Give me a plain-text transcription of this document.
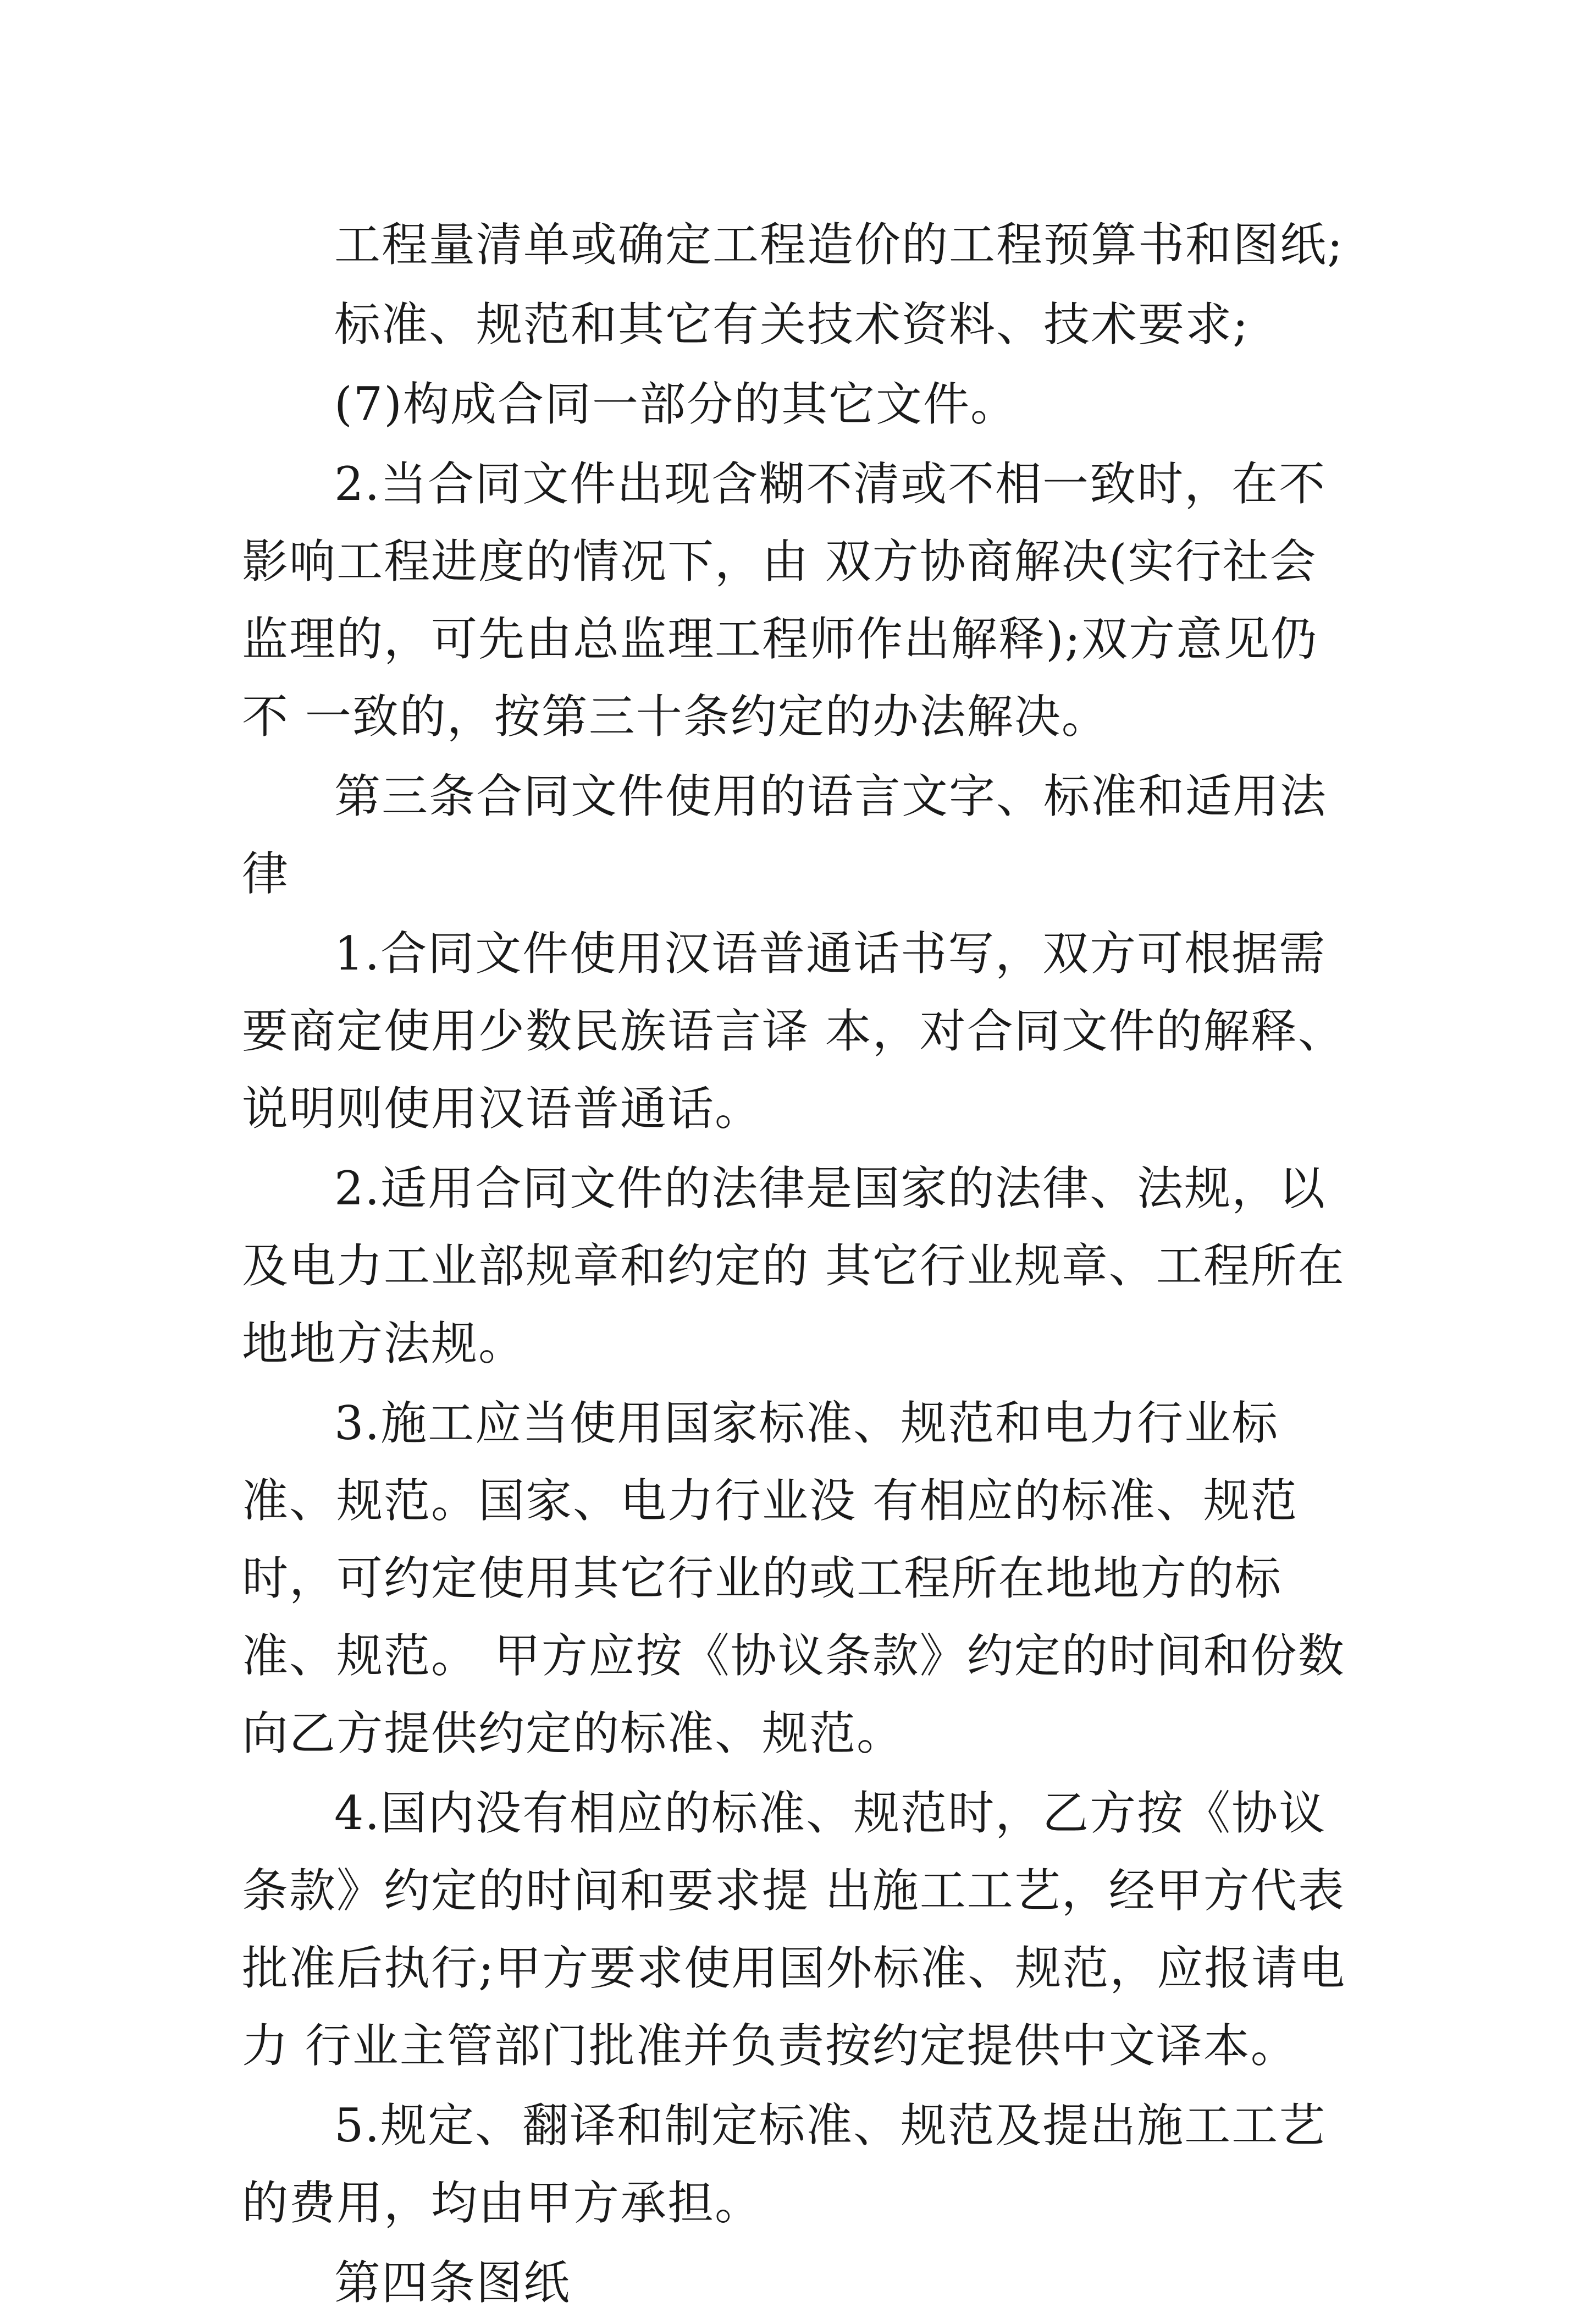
工程量清单或确定工程造价的工程预算书和图纸;

标准、规范和其它有关技术资料、技术要求;

(7)构成合同一部分的其它文件。

2.当合同文件出现含糊不清或不相一致时，在不影响工程进度的情况下，由 双方协商解决(实行社会监理的，可先由总监理工程师作出解释);双方意见仍不 一致的，按第三十条约定的办法解决。

第三条合同文件使用的语言文字、标准和适用法律

1.合同文件使用汉语普通话书写，双方可根据需要商定使用少数民族语言译 本，对合同文件的解释、说明则使用汉语普通话。

2.适用合同文件的法律是国家的法律、法规，以及电力工业部规章和约定的 其它行业规章、工程所在地地方法规。

3.施工应当使用国家标准、规范和电力行业标准、规范。国家、电力行业没 有相应的标准、规范时，可约定使用其它行业的或工程所在地地方的标准、规范。 甲方应按《协议条款》约定的时间和份数向乙方提供约定的标准、规范。

4.国内没有相应的标准、规范时，乙方按《协议条款》约定的时间和要求提 出施工工艺，经甲方代表批准后执行;甲方要求使用国外标准、规范，应报请电力 行业主管部门批准并负责按约定提供中文译本。

5.规定、翻译和制定标准、规范及提出施工工艺的费用，均由甲方承担。

第四条图纸
